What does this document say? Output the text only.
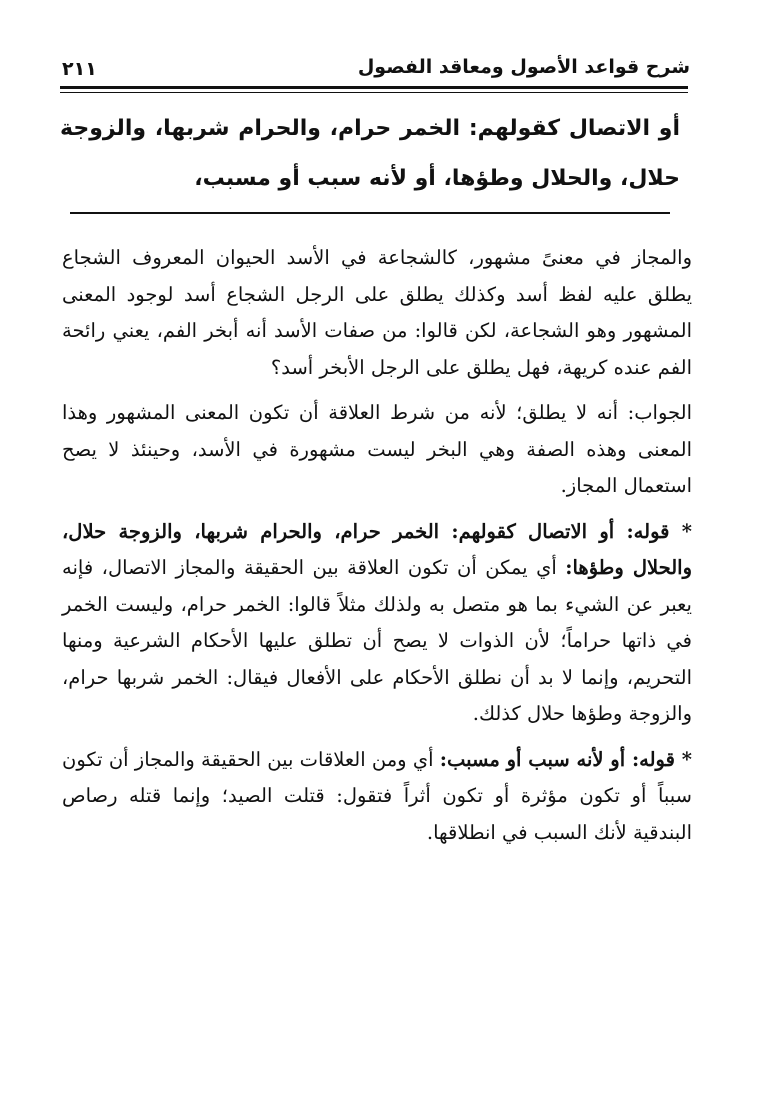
شرح قواعد الأصول ومعاقد الفصول
٢١١
أو الاتصال كقولهم: الخمر حرام، والحرام شربها، والزوجة حلال، والحلال وطؤها، أو لأنه سبب أو مسبب،

والمجاز في معنىً مشهور، كالشجاعة في الأسد الحيوان المعروف الشجاع يطلق عليه لفظ أسد وكذلك يطلق على الرجل الشجاع أسد لوجود المعنى المشهور وهو الشجاعة، لكن قالوا: من صفات الأسد أنه أبخر الفم، يعني رائحة الفم عنده كريهة، فهل يطلق على الرجل الأبخر أسد؟

الجواب: أنه لا يطلق؛ لأنه من شرط العلاقة أن تكون المعنى المشهور وهذا المعنى وهذه الصفة وهي البخر ليست مشهورة في الأسد، وحينئذ لا يصح استعمال المجاز.

* قوله: أو الاتصال كقولهم: الخمر حرام، والحرام شربها، والزوجة حلال، والحلال وطؤها: أي يمكن أن تكون العلاقة بين الحقيقة والمجاز الاتصال، فإنه يعبر عن الشيء بما هو متصل به ولذلك مثلاً قالوا: الخمر حرام، وليست الخمر في ذاتها حراماً؛ لأن الذوات لا يصح أن تطلق عليها الأحكام الشرعية ومنها التحريم، وإنما لا بد أن نطلق الأحكام على الأفعال فيقال: الخمر شربها حرام، والزوجة وطؤها حلال كذلك.

* قوله: أو لأنه سبب أو مسبب: أي ومن العلاقات بين الحقيقة والمجاز أن تكون سبباً أو تكون مؤثرة أو تكون أثراً فتقول: قتلت الصيد؛ وإنما قتله رصاص البندقية لأنك السبب في انطلاقها.
